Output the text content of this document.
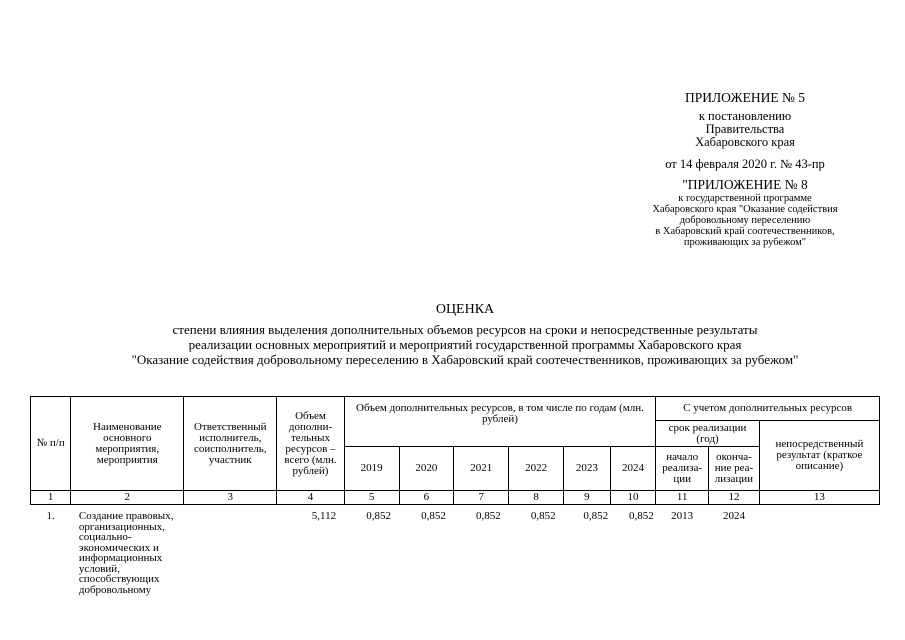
ПРИЛОЖЕНИЕ № 5
к постановлению
Правительства
Хабаровского края
от 14 февраля 2020 г. № 43-пр
"ПРИЛОЖЕНИЕ № 8
к государственной программе
Хабаровского края "Оказание содействия
добровольному переселению
в Хабаровский край соотечественников,
проживающих за рубежом"
ОЦЕНКА
степени влияния выделения дополнительных объемов ресурсов на сроки и непосредственные результаты
реализации основных мероприятий и мероприятий государственной программы Хабаровского края
"Оказание содействия добровольному переселению в Хабаровский край соотечественников, проживающих за рубежом"
№ п/п	Наименование основного мероприятия, мероприятия	Ответственный исполнитель, соисполнитель, участник	Объем дополни-тельных ресурсов – всего (млн. рублей)	Объем дополнительных ресурсов, в том числе по годам (млн. рублей)						С учетом дополнительных ресурсов		
										срок реализации (год)		непосредственный результат (краткое описание)
				2019	2020	2021	2022	2023	2024	начало реализа-ции	оконча-ние реа-лизации	
1	2	3	4	5	6	7	8	9	10	11	12	13
1.	Создание правовых, организационных, социально-экономических и информационных условий, способствующих добровольному		5,112	0,852	0,852	0,852	0,852	0,852	0,852	2013	2024	
